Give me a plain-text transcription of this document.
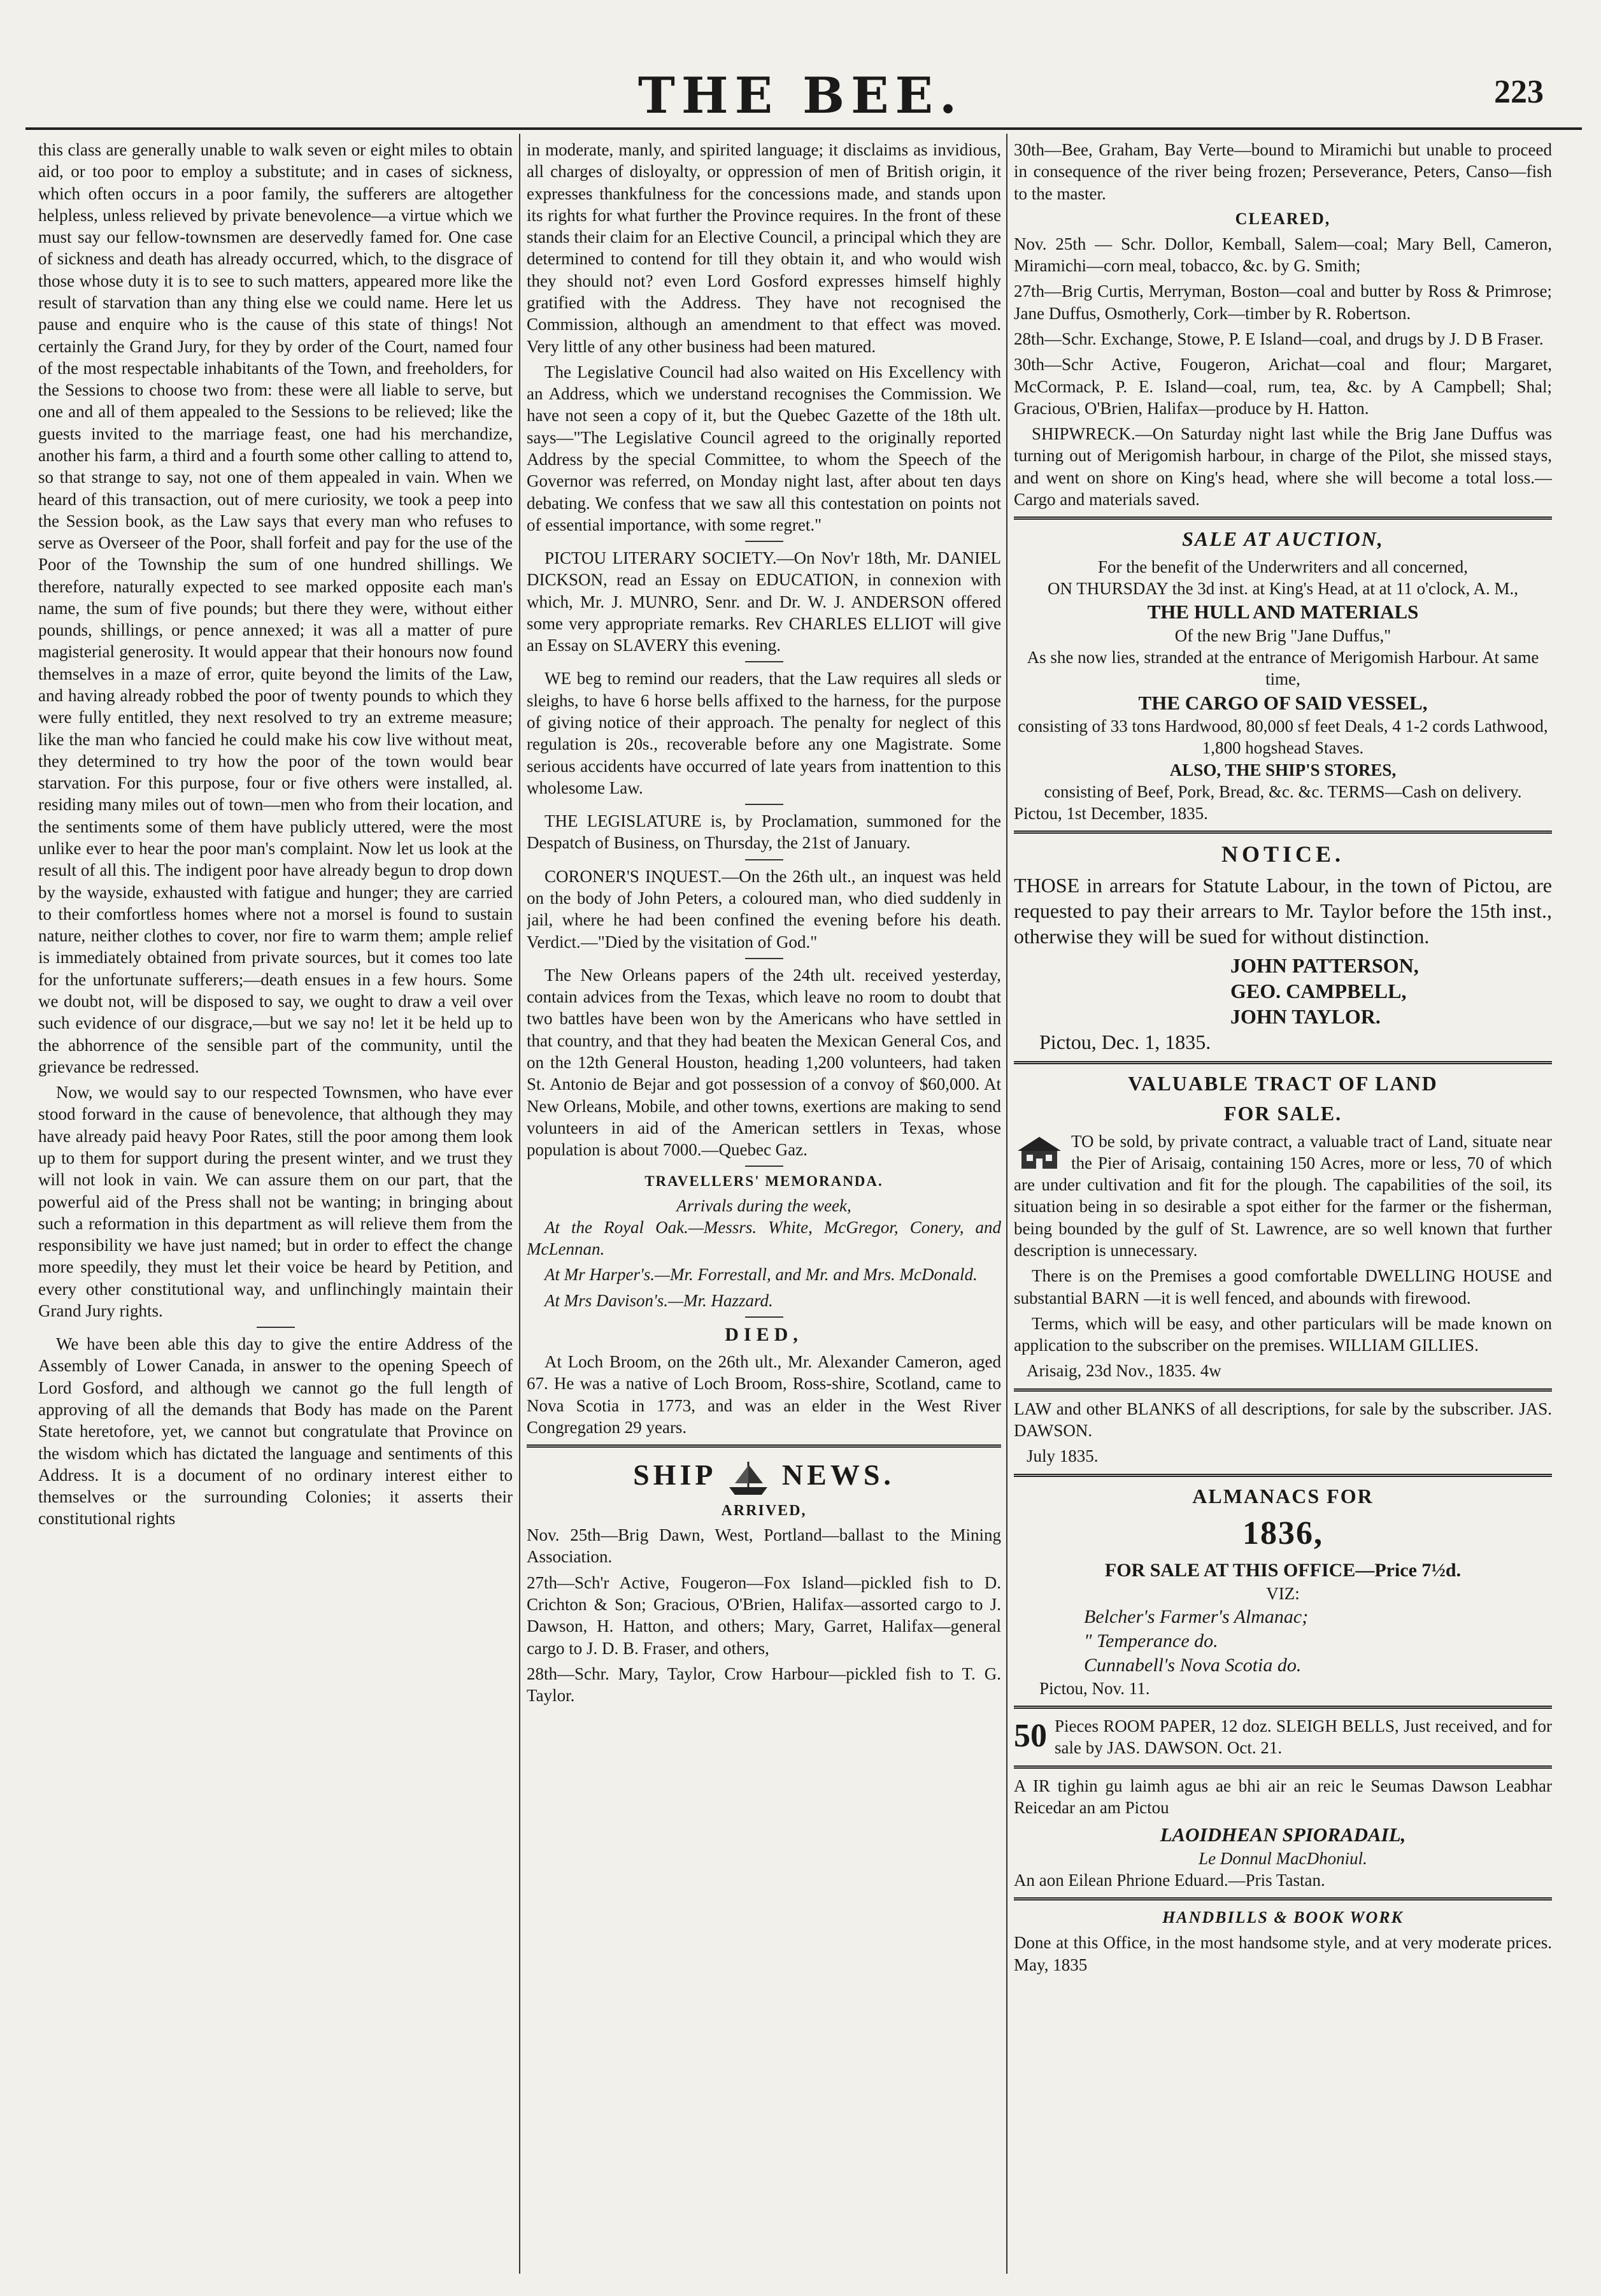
THE BEE.	223

this class are generally unable to walk seven or eight miles to obtain aid, or too poor to employ a substitute; and in cases of sickness, which often occurs in a poor family, the sufferers are altogether helpless, unless relieved by private benevolence—a virtue which we must say our fellow-townsmen are deservedly famed for. One case of sickness and death has already occurred, which, to the disgrace of those whose duty it is to see to such matters, appeared more like the result of starvation than any thing else we could name. Here let us pause and enquire who is the cause of this state of things! Not certainly the Grand Jury, for they by order of the Court, named four of the most respectable inhabitants of the Town, and freeholders, for the Sessions to choose two from: these were all liable to serve, but one and all of them appealed to the Sessions to be relieved; like the guests invited to the marriage feast, one had his merchandize, another his farm, a third and a fourth some other calling to attend to, so that strange to say, not one of them appealed in vain. When we heard of this transaction, out of mere curiosity, we took a peep into the Session book, as the Law says that every man who refuses to serve as Overseer of the Poor, shall forfeit and pay for the use of the Poor of the Township the sum of one hundred shillings. We therefore, naturally expected to see marked opposite each man's name, the sum of five pounds; but there they were, without either pounds, shillings, or pence annexed; it was all a matter of pure magisterial generosity. It would appear that their honours now found themselves in a maze of error, quite beyond the limits of the Law, and having already robbed the poor of twenty pounds to which they were fully entitled, they next resolved to try an extreme measure; like the man who fancied he could make his cow live without meat, they determined to try how the poor of the town would bear starvation. For this purpose, four or five others were installed, al. residing many miles out of town—men who from their location, and the sentiments some of them have publicly uttered, were the most unlike ever to hear the poor man's complaint. Now let us look at the result of all this. The indigent poor have already begun to drop down by the wayside, exhausted with fatigue and hunger; they are carried to their comfortless homes where not a morsel is found to sustain nature, neither clothes to cover, nor fire to warm them; ample relief is immediately obtained from private sources, but it comes too late for the unfortunate sufferers;—death ensues in a few hours. Some we doubt not, will be disposed to say, we ought to draw a veil over such evidence of our disgrace,—but we say no! let it be held up to the abhorrence of the sensible part of the community, until the grievance be redressed.

Now, we would say to our respected Townsmen, who have ever stood forward in the cause of benevolence, that although they may have already paid heavy Poor Rates, still the poor among them look up to them for support during the present winter, and we trust they will not look in vain. We can assure them on our part, that the powerful aid of the Press shall not be wanting; in bringing about such a reformation in this department as will relieve them from the responsibility we have just named; but in order to effect the change more speedily, they must let their voice be heard by Petition, and every other constitutional way, and unflinchingly maintain their Grand Jury rights.

We have been able this day to give the entire Address of the Assembly of Lower Canada, in answer to the opening Speech of Lord Gosford, and although we cannot go the full length of approving of all the demands that Body has made on the Parent State heretofore, yet, we cannot but congratulate that Province on the wisdom which has dictated the language and sentiments of this Address. It is a document of no ordinary interest either to themselves or the surrounding Colonies; it asserts their constitutional rights

in moderate, manly, and spirited language; it disclaims as invidious, all charges of disloyalty, or oppression of men of British origin, it expresses thankfulness for the concessions made, and stands upon its rights for what further the Province requires. In the front of these stands their claim for an Elective Council, a principal which they are determined to contend for till they obtain it, and who would wish they should not? even Lord Gosford expresses himself highly gratified with the Address. They have not recognised the Commission, although an amendment to that effect was moved. Very little of any other business had been matured.

The Legislative Council had also waited on His Excellency with an Address, which we understand recognises the Commission. We have not seen a copy of it, but the Quebec Gazette of the 18th ult. says—"The Legislative Council agreed to the originally reported Address by the special Committee, to whom the Speech of the Governor was referred, on Monday night last, after about ten days debating. We confess that we saw all this contestation on points not of essential importance, with some regret."

PICTOU LITERARY SOCIETY.—On Nov'r 18th, Mr. DANIEL DICKSON, read an Essay on EDUCATION, in connexion with which, Mr. J. MUNRO, Senr. and Dr. W. J. ANDERSON offered some very appropriate remarks. Rev CHARLES ELLIOT will give an Essay on SLAVERY this evening.

WE beg to remind our readers, that the Law requires all sleds or sleighs, to have 6 horse bells affixed to the harness, for the purpose of giving notice of their approach. The penalty for neglect of this regulation is 20s., recoverable before any one Magistrate. Some serious accidents have occurred of late years from inattention to this wholesome Law.

THE LEGISLATURE is, by Proclamation, summoned for the Despatch of Business, on Thursday, the 21st of January.

CORONER'S INQUEST.—On the 26th ult., an inquest was held on the body of John Peters, a coloured man, who died suddenly in jail, where he had been confined the evening before his death. Verdict.—"Died by the visitation of God."

The New Orleans papers of the 24th ult. received yesterday, contain advices from the Texas, which leave no room to doubt that two battles have been won by the Americans who have settled in that country, and that they had beaten the Mexican General Cos, and on the 12th General Houston, heading 1,200 volunteers, had taken St. Antonio de Bejar and got possession of a convoy of $60,000. At New Orleans, Mobile, and other towns, exertions are making to send volunteers in aid of the American settlers in Texas, whose population is about 7000.—Quebec Gaz.

TRAVELLERS' MEMORANDA.
Arrivals during the week,

At the Royal Oak.—Messrs. White, McGregor, Conery, and McLennan.

At Mr Harper's.—Mr. Forrestall, and Mr. and Mrs. McDonald.

At Mrs Davison's.—Mr. Hazzard.

DIED,

At Loch Broom, on the 26th ult., Mr. Alexander Cameron, aged 67. He was a native of Loch Broom, Ross-shire, Scotland, came to Nova Scotia in 1773, and was an elder in the West River Congregation 29 years.

SHIP NEWS.
ARRIVED,

Nov. 25th—Brig Dawn, West, Portland—ballast to the Mining Association.

27th—Sch'r Active, Fougeron—Fox Island—pickled fish to D. Crichton & Son; Gracious, O'Brien, Halifax—assorted cargo to J. Dawson, H. Hatton, and others; Mary, Garret, Halifax—general cargo to J. D. B. Fraser, and others,

28th—Schr. Mary, Taylor, Crow Harbour—pickled fish to T. G. Taylor.

30th—Bee, Graham, Bay Verte—bound to Miramichi but unable to proceed in consequence of the river being frozen; Perseverance, Peters, Canso—fish to the master.

CLEARED,

Nov. 25th — Schr. Dollor, Kemball, Salem—coal; Mary Bell, Cameron, Miramichi—corn meal, tobacco, &c. by G. Smith;

27th—Brig Curtis, Merryman, Boston—coal and butter by Ross & Primrose; Jane Duffus, Osmotherly, Cork—timber by R. Robertson.

28th—Schr. Exchange, Stowe, P. E Island—coal, and drugs by J. D B Fraser.

30th—Schr Active, Fougeron, Arichat—coal and flour; Margaret, McCormack, P. E. Island—coal, rum, tea, &c. by A Campbell; Shal; Gracious, O'Brien, Halifax—produce by H. Hatton.

SHIPWRECK.—On Saturday night last while the Brig Jane Duffus was turning out of Merigomish harbour, in charge of the Pilot, she missed stays, and went on shore on King's head, where she will become a total loss.—Cargo and materials saved.

SALE AT AUCTION,
For the benefit of the Underwriters and all concerned,
ON THURSDAY the 3d inst. at King's Head, at at 11 o'clock, A. M.,
THE HULL AND MATERIALS
Of the new Brig "Jane Duffus,"
As she now lies, stranded at the entrance of Merigomish Harbour. At same time,
THE CARGO OF SAID VESSEL,
consisting of 33 tons Hardwood, 80,000 sf feet Deals, 4 1-2 cords Lathwood, 1,800 hogshead Staves.
ALSO, THE SHIP'S STORES,
consisting of Beef, Pork, Bread, &c. &c. TERMS—Cash on delivery.
Pictou, 1st December, 1835.
NOTICE.

THOSE in arrears for Statute Labour, in the town of Pictou, are requested to pay their arrears to Mr. Taylor before the 15th inst., otherwise they will be sued for without distinction.

JOHN PATTERSON,
GEO. CAMPBELL,
JOHN TAYLOR.
Pictou, Dec. 1, 1835.
VALUABLE TRACT OF LAND
FOR SALE.

TO be sold, by private contract, a valuable tract of Land, situate near the Pier of Arisaig, containing 150 Acres, more or less, 70 of which are under cultivation and fit for the plough. The capabilities of the soil, its situation being in so desirable a spot either for the farmer or the fisherman, being bounded by the gulf of St. Lawrence, are so well known that further description is unnecessary.

There is on the Premises a good comfortable DWELLING HOUSE and substantial BARN —it is well fenced, and abounds with firewood.

Terms, which will be easy, and other particulars will be made known on application to the subscriber on the premises. WILLIAM GILLIES.

Arisaig, 23d Nov., 1835. 4w

LAW and other BLANKS of all descriptions, for sale by the subscriber. JAS. DAWSON.

July 1835.
ALMANACS FOR
1836,
FOR SALE AT THIS OFFICE—Price 7½d.
VIZ:
Belcher's Farmer's Almanac;
" Temperance do.
Cunnabell's Nova Scotia do.
Pictou, Nov. 11.
50 Pieces ROOM PAPER, 12 doz. SLEIGH BELLS, Just received, and for sale by JAS. DAWSON. Oct. 21.

A IR tighin gu laimh agus ae bhi air an reic le Seumas Dawson Leabhar Reicedar an am Pictou

LAOIDHEAN SPIORADAIL,
Le Donnul MacDhoniul.
An aon Eilean Phrione Eduard.—Pris Tastan.
HANDBILLS & BOOK WORK

Done at this Office, in the most handsome style, and at very moderate prices. May, 1835
